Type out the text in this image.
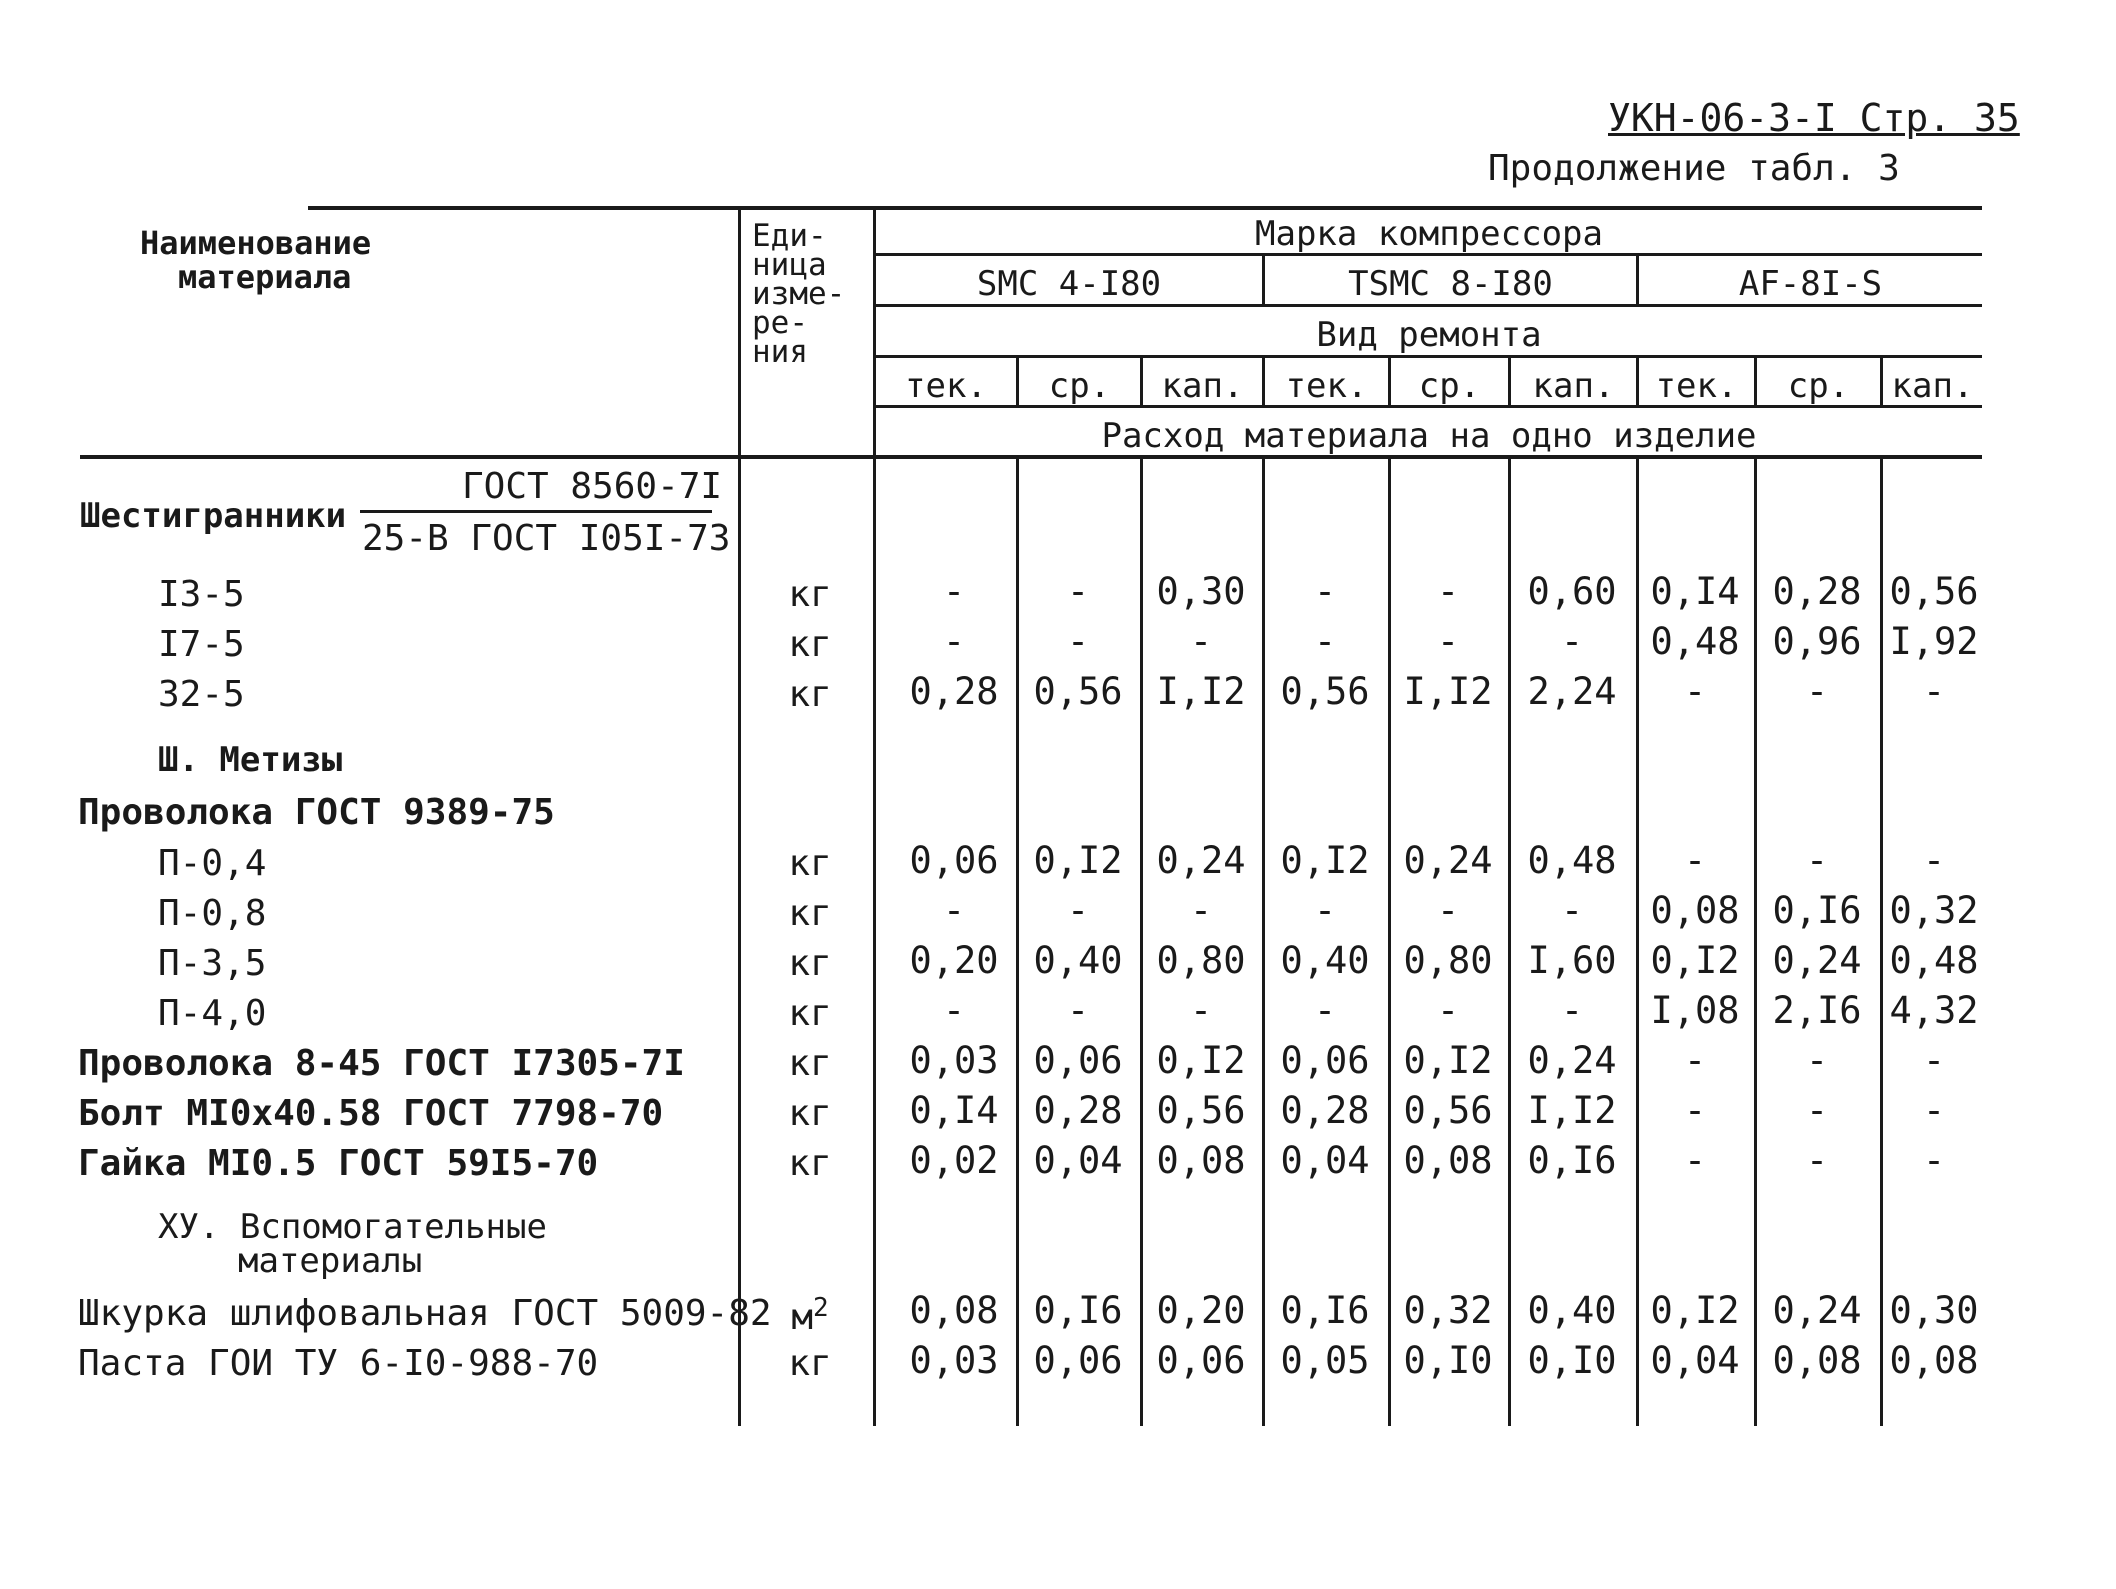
УКН-06-3-I Стр. 35
Продолжение табл. 3
Наименование
материала
Еди-
ница
изме-
ре-
ния
Марка компрессора
SMC 4-I80	TSMC 8-I80	AF-8I-S
Вид ремонта
тек.	ср.	кап.	тек.	ср.	кап.	тек.	ср.	кап.
Расход материала на одно изделие
Шестигранники
ГОСТ 8560-7I
25-В ГОСТ I05I-73
Ш. Метизы
Проволока ГОСТ 9389-75
ХУ. Вспомогательные
материалы
I3-5	кг	-	-	0,30	-	-	0,60 0,I4 0,28 0,56
I7-5	кг	-	-	-	-	-	-	0,48 0,96 I,92
32-5	кг	0,28 0,56 I,I2 0,56 I,I2 2,24	-	-	-
П-0,4	кг	0,06 0,I2 0,24 0,I2 0,24 0,48	-	-	-
П-0,8	кг	-	-	-	-	-	-	0,08 0,I6 0,32
П-3,5	кг	0,20 0,40 0,80 0,40 0,80 I,60 0,I2 0,24 0,48
П-4,0	кг	-	-	-	-	-	-	I,08 2,I6 4,32
Проволока 8-45 ГОСТ I7305-7I	кг	0,03 0,06 0,I2 0,06 0,I2 0,24	-	-	-
Болт МI0х40.58 ГОСТ 7798-70	кг	0,I4 0,28 0,56 0,28 0,56 I,I2	-	-	-
Гайка МI0.5 ГОСТ 59I5-70	кг	0,02 0,04 0,08 0,04 0,08 0,I6	-	-	-
Шкурка шлифовальная ГОСТ 5009-82 $м^2$	0,08 0,I6 0,20 0,I6 0,32 0,40 0,I2 0,24 0,30
Паста ГОИ ТУ 6-I0-988-70	кг	0,03 0,06 0,06 0,05 0,I0 0,I0 0,04 0,08 0,08
